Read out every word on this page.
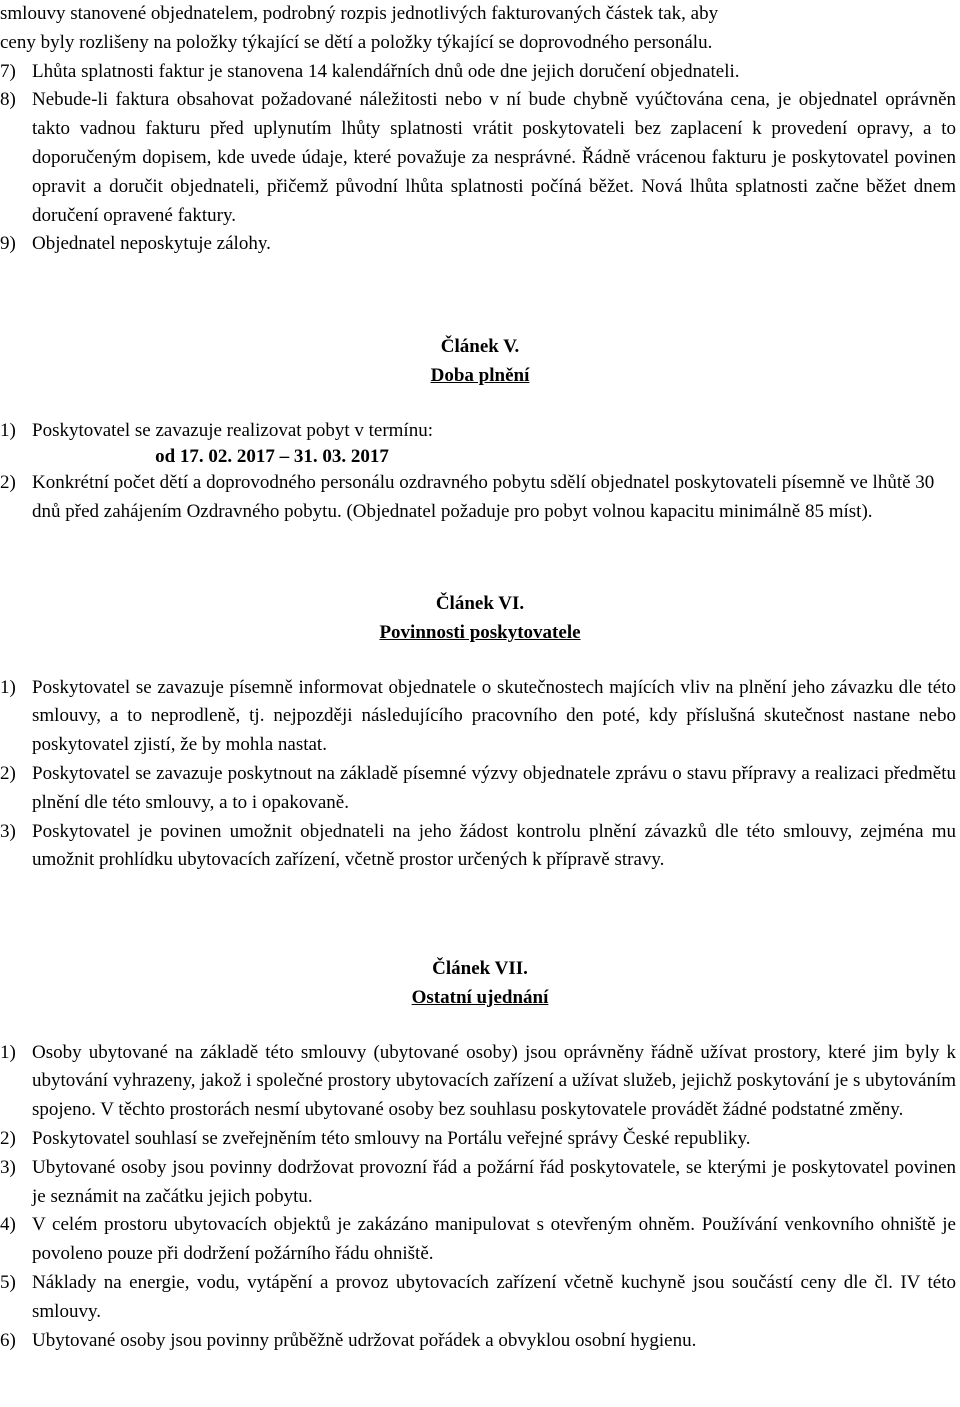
smlouvy stanovené objednatelem, podrobný rozpis jednotlivých fakturovaných částek tak, aby
ceny byly rozlišeny na položky týkající se dětí a položky týkající se doprovodného personálu.
7) Lhůta splatnosti faktur je stanovena 14 kalendářních dnů ode dne jejich doručení objednateli.
8) Nebude-li faktura obsahovat požadované náležitosti nebo v ní bude chybně vyúčtována cena, je objednatel oprávněn takto vadnou fakturu před uplynutím lhůty splatnosti vrátit poskytovateli bez zaplacení k provedení opravy, a to doporučeným dopisem, kde uvede údaje, které považuje za nesprávné. Řádně vrácenou fakturu je poskytovatel povinen opravit a doručit objednateli, přičemž původní lhůta splatnosti počíná běžet. Nová lhůta splatnosti začne běžet dnem doručení opravené faktury.
9) Objednatel neposkytuje zálohy.
Článek V.
Doba plnění
1) Poskytovatel se zavazuje realizovat pobyt v termínu:
od 17. 02. 2017 – 31. 03. 2017
2) Konkrétní počet dětí a doprovodného personálu ozdravného pobytu sdělí objednatel poskytovateli písemně ve lhůtě 30 dnů před zahájením Ozdravného pobytu. (Objednatel požaduje pro pobyt volnou kapacitu minimálně 85 míst).
Článek VI.
Povinnosti poskytovatele
1) Poskytovatel se zavazuje písemně informovat objednatele o skutečnostech majících vliv na plnění jeho závazku dle této smlouvy, a to neprodleně, tj. nejpozději následujícího pracovního den poté, kdy příslušná skutečnost nastane nebo poskytovatel zjistí, že by mohla nastat.
2) Poskytovatel se zavazuje poskytnout na základě písemné výzvy objednatele zprávu o stavu přípravy a realizaci předmětu plnění dle této smlouvy, a to i opakovaně.
3) Poskytovatel je povinen umožnit objednateli na jeho žádost kontrolu plnění závazků dle této smlouvy, zejména mu umožnit prohlídku ubytovacích zařízení, včetně prostor určených k přípravě stravy.
Článek VII.
Ostatní ujednání
1) Osoby ubytované na základě této smlouvy (ubytované osoby) jsou oprávněny řádně užívat prostory, které jim byly k ubytování vyhrazeny, jakož i společné prostory ubytovacích zařízení a užívat služeb, jejichž poskytování je s ubytováním spojeno. V těchto prostorách nesmí ubytované osoby bez souhlasu poskytovatele provádět žádné podstatné změny.
2) Poskytovatel souhlasí se zveřejněním této smlouvy na Portálu veřejné správy České republiky.
3) Ubytované osoby jsou povinny dodržovat provozní řád a požární řád poskytovatele, se kterými je poskytovatel povinen je seznámit na začátku jejich pobytu.
4) V celém prostoru ubytovacích objektů je zakázáno manipulovat s otevřeným ohněm. Používání venkovního ohniště je povoleno pouze při dodržení požárního řádu ohniště.
5) Náklady na energie, vodu, vytápění a provoz ubytovacích zařízení včetně kuchyně jsou součástí ceny dle čl. IV této smlouvy.
6) Ubytované osoby jsou povinny průběžně udržovat pořádek a obvyklou osobní hygienu.
